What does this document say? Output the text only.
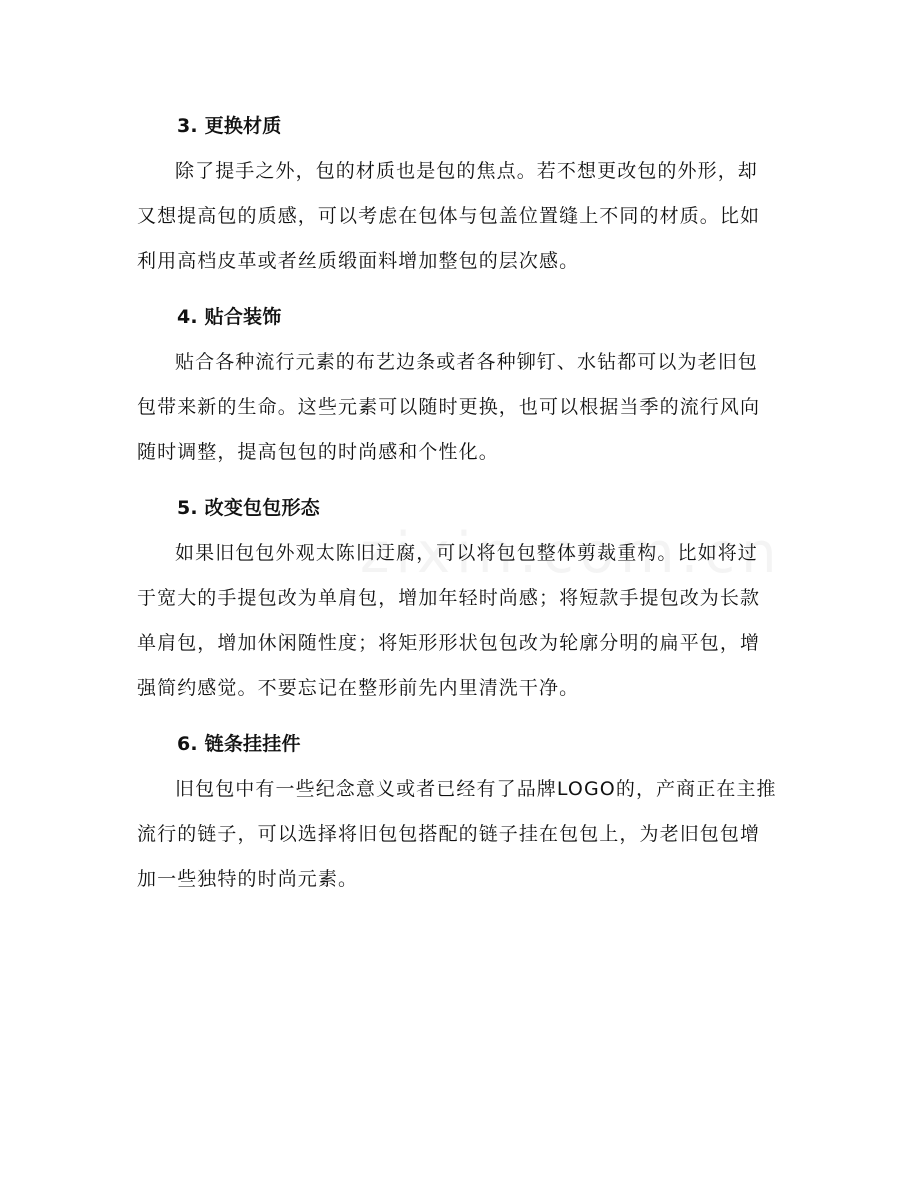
3. 更换材质

除了提手之外，包的材质也是包的焦点。若不想更改包的外形，却又想提高包的质感，可以考虑在包体与包盖位置缝上不同的材质。比如利用高档皮革或者丝质缎面料增加整包的层次感。

4. 贴合装饰

贴合各种流行元素的布艺边条或者各种铆钉、水钻都可以为老旧包包带来新的生命。这些元素可以随时更换，也可以根据当季的流行风向随时调整，提高包包的时尚感和个性化。

5. 改变包包形态

如果旧包包外观太陈旧迂腐，可以将包包整体剪裁重构。比如将过于宽大的手提包改为单肩包，增加年轻时尚感；将短款手提包改为长款单肩包，增加休闲随性度；将矩形形状包包改为轮廓分明的扁平包，增强简约感觉。不要忘记在整形前先内里清洗干净。

6. 链条挂挂件

旧包包中有一些纪念意义或者已经有了品牌LOGO的，产商正在主推流行的链子，可以选择将旧包包搭配的链子挂在包包上，为老旧包包增加一些独特的时尚元素。
